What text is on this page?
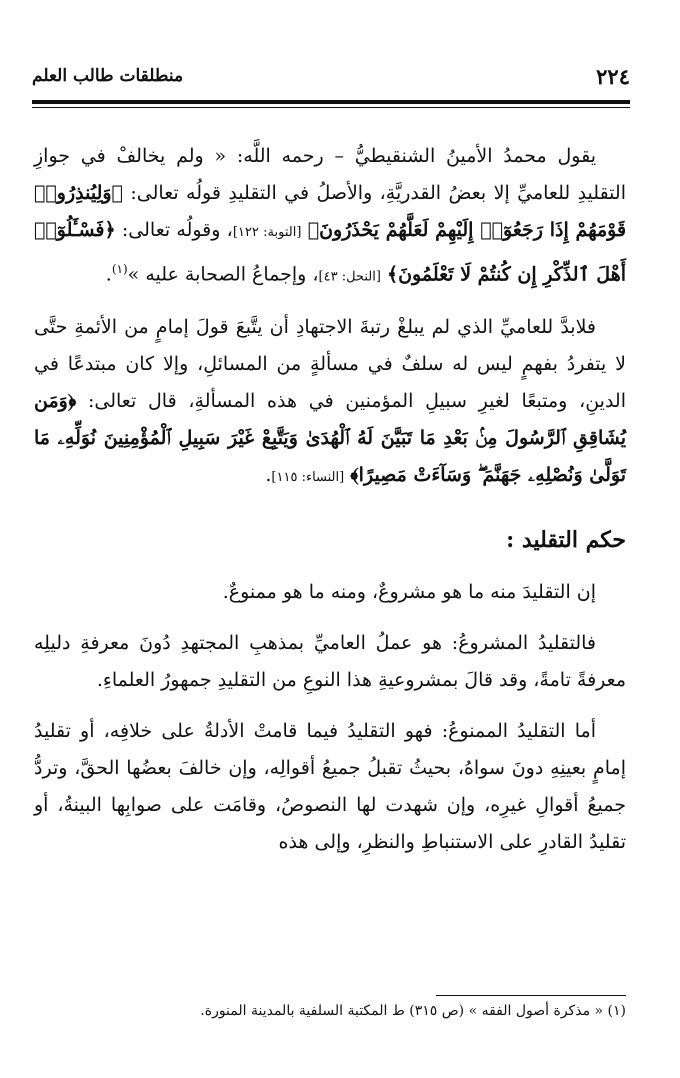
منطلقات طالب العلم	٢٢٤

يقول محمدُ الأمينُ الشنقيطيُّ – رحمه اللَّه: « ولم يخالفْ في جوازِ التقليدِ للعاميِّ إلا بعضُ القدريَّةِ، والأصلُ في التقليدِ قولُه تعالى: ﴿وَلِيُنذِرُوا۟ قَوْمَهُمْ إِذَا رَجَعُوٓا۟ إِلَيْهِمْ لَعَلَّهُمْ يَحْذَرُونَ﴾ [التوبة: ١٢٢]، وقولُه تعالى: ﴿فَسْـَٔلُوٓا۟ أَهْلَ ٱلذِّكْرِ إِن كُنتُمْ لَا تَعْلَمُونَ﴾ [النحل: ٤٣]، وإجماعُ الصحابة عليه »$^{(١)}$.

فلابدَّ للعاميِّ الذي لم يبلغْ رتبةَ الاجتهادِ أن يتَّبعَ قولَ إمامٍ من الأئمةِ حتَّى لا يتفردُ بفهمٍ ليس له سلفٌ في مسألةٍ من المسائلِ، وإلا كان مبتدعًا في الدينِ، ومتبعًا لغيرِ سبيلِ المؤمنين في هذه المسألةِ، قال تعالى: ﴿وَمَن يُشَاقِقِ ٱلرَّسُولَ مِنۢ بَعْدِ مَا تَبَيَّنَ لَهُ ٱلْهُدَىٰ وَيَتَّبِعْ غَيْرَ سَبِيلِ ٱلْمُؤْمِنِينَ نُوَلِّهِۦ مَا تَوَلَّىٰ وَنُصْلِهِۦ جَهَنَّمَ ۖ وَسَآءَتْ مَصِيرًا﴾ [النساء: ١١٥].

حكم التقليد :

إن التقليدَ منه ما هو مشروعٌ، ومنه ما هو ممنوعٌ.

فالتقليدُ المشروعُ: هو عملُ العاميِّ بمذهبِ المجتهدِ دُونَ معرفةِ دليلِه معرفةً تامةً، وقد قالَ بمشروعيةِ هذا النوعِ من التقليدِ جمهورُ العلماءِ.

أما التقليدُ الممنوعُ: فهو التقليدُ فيما قامتْ الأدلةُ على خلافِه، أو تقليدُ إمامٍ بعينِهِ دونَ سواهُ، بحيثُ تقبلُ جميعُ أقوالِه، وإن خالفَ بعضُها الحقَّ، وتردُّ جميعُ أقوالِ غيرِه، وإن شهدت لها النصوصُ، وقامَت على صوابِها البينةُ، أو تقليدُ القادرِ على الاستنباطِ والنظرِ، وإلى هذه

(١) « مذكرة أصول الفقه » (ص ٣١٥) ط المكتبة السلفية بالمدينة المنورة.
